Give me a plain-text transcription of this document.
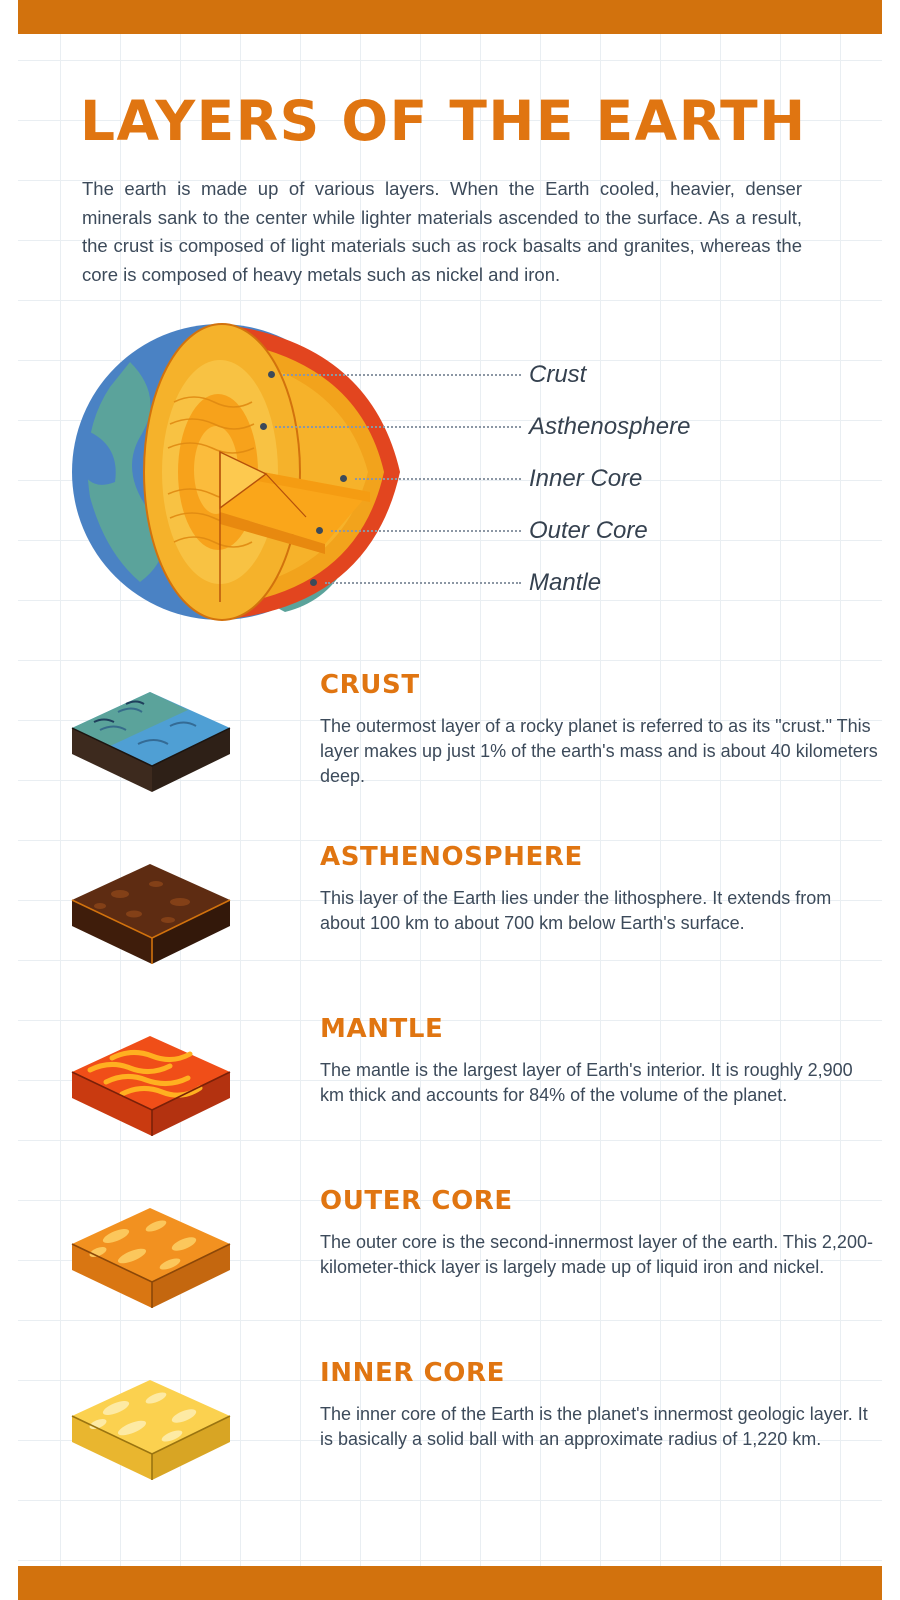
LAYERS OF THE EARTH

The earth is made up of various layers. When the Earth cooled, heavier, denser minerals sank to the center while lighter materials ascended to the surface. As a result, the crust is composed of light materials such as rock basalts and granites, whereas the core is composed of heavy metals such as nickel and iron.

Crust
Asthenosphere
Inner Core
Outer Core
Mantle
CRUST
The outermost layer of a rocky planet is referred to as its "crust." This layer makes up just 1% of the earth's mass and is about 40 kilometers deep.
ASTHENOSPHERE
This layer of the Earth lies under the lithosphere. It extends from about 100 km to about 700 km below Earth's surface.
MANTLE
The mantle is the largest layer of Earth's interior. It is roughly 2,900 km thick and accounts for 84% of the volume of the planet.
OUTER CORE
The outer core is the second-innermost layer of the earth. This 2,200-kilometer-thick layer is largely made up of liquid iron and nickel.
INNER CORE
The inner core of the Earth is the planet's innermost geologic layer. It is basically a solid ball with an approximate radius of 1,220 km.
